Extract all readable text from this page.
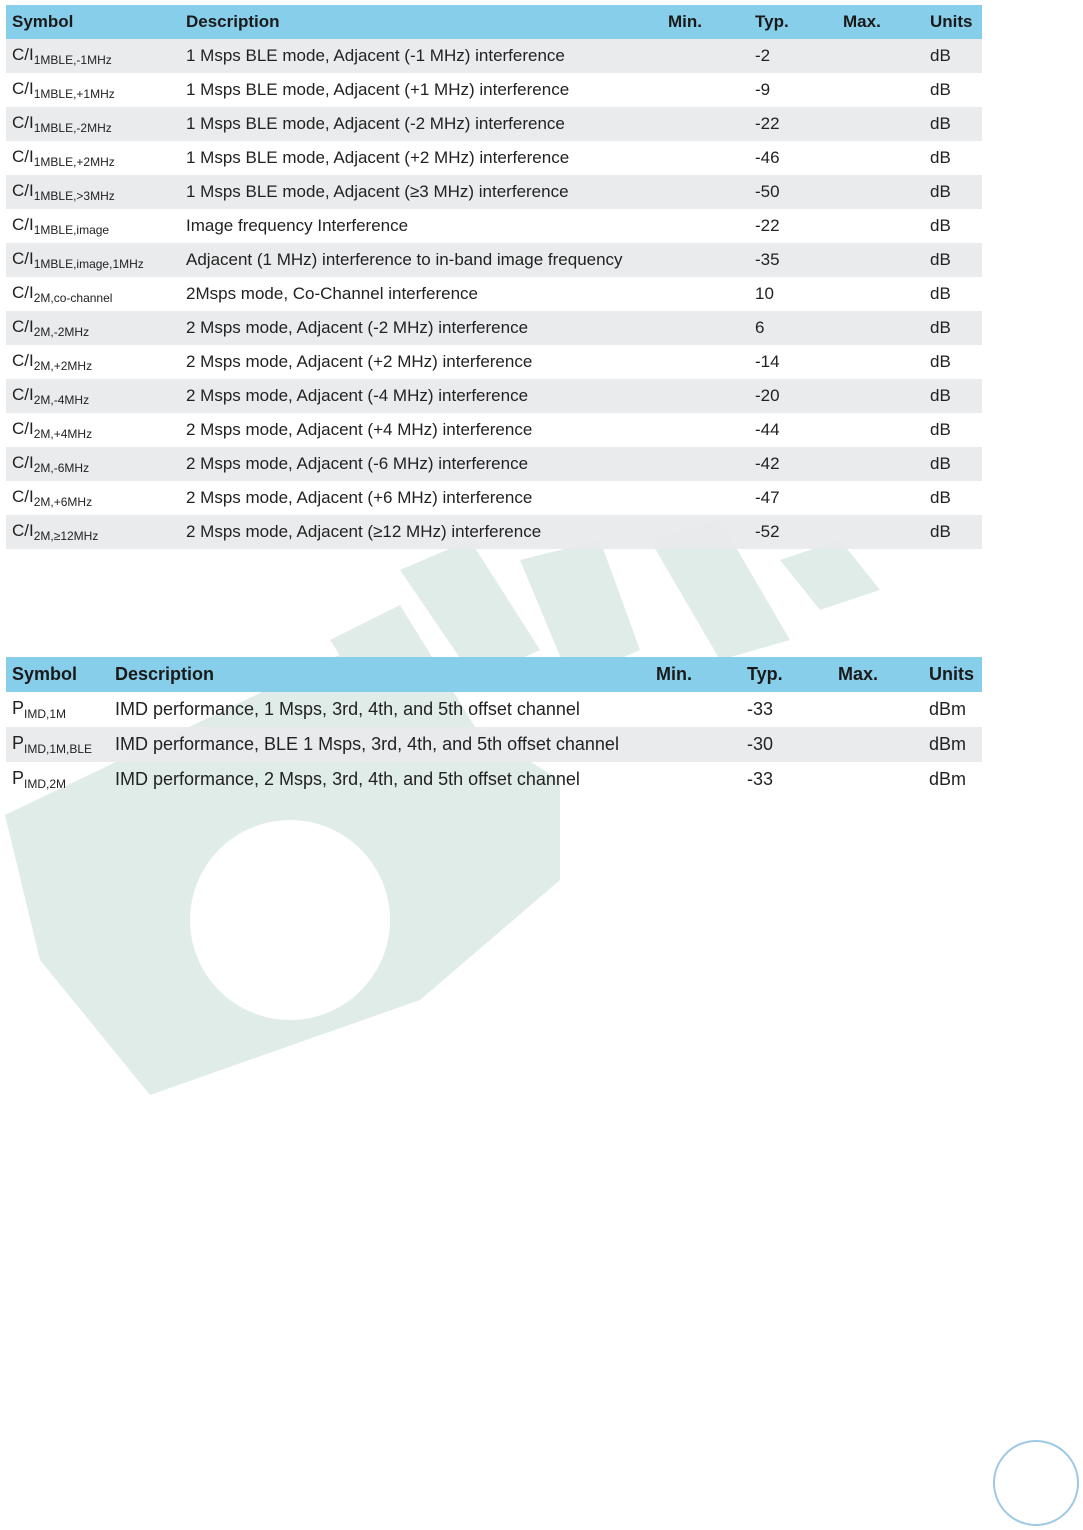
Symbol	Description	Min.	Typ.	Max.	Units
$C/I_{1MBLE,-1MHz}$	1 Msps BLE mode, Adjacent (-1 MHz) interference		-2		dB
$C/I_{1MBLE,+1MHz}$	1 Msps BLE mode, Adjacent (+1 MHz) interference		-9		dB
$C/I_{1MBLE,-2MHz}$	1 Msps BLE mode, Adjacent (-2 MHz) interference		-22		dB
$C/I_{1MBLE,+2MHz}$	1 Msps BLE mode, Adjacent (+2 MHz) interference		-46		dB
$C/I_{1MBLE,>3MHz}$	1 Msps BLE mode, Adjacent (≥3 MHz) interference		-50		dB
$C/I_{1MBLE,image}$	Image frequency Interference		-22		dB
$C/I_{1MBLE,image,1MHz}$	Adjacent (1 MHz) interference to in-band image frequency		-35		dB
$C/I_{2M,co-channel}$	2Msps mode, Co-Channel interference		10		dB
$C/I_{2M,-2MHz}$	2 Msps mode, Adjacent (-2 MHz) interference		6		dB
$C/I_{2M,+2MHz}$	2 Msps mode, Adjacent (+2 MHz) interference		-14		dB
$C/I_{2M,-4MHz}$	2 Msps mode, Adjacent (-4 MHz) interference		-20		dB
$C/I_{2M,+4MHz}$	2 Msps mode, Adjacent (+4 MHz) interference		-44		dB
$C/I_{2M,-6MHz}$	2 Msps mode, Adjacent (-6 MHz) interference		-42		dB
$C/I_{2M,+6MHz}$	2 Msps mode, Adjacent (+6 MHz) interference		-47		dB
$C/I_{2M,\ge 12MHz}$	2 Msps mode, Adjacent (≥12 MHz) interference		-52		dB
Symbol	Description	Min.	Typ.	Max.	Units
$P_{IMD,1M}$	IMD performance, 1 Msps, 3rd, 4th, and 5th offset channel		-33		dBm
$P_{IMD,1M,BLE}$	IMD performance, BLE 1 Msps, 3rd, 4th, and 5th offset channel		-30		dBm
$P_{IMD,2M}$	IMD performance, 2 Msps, 3rd, 4th, and 5th offset channel		-33		dBm
